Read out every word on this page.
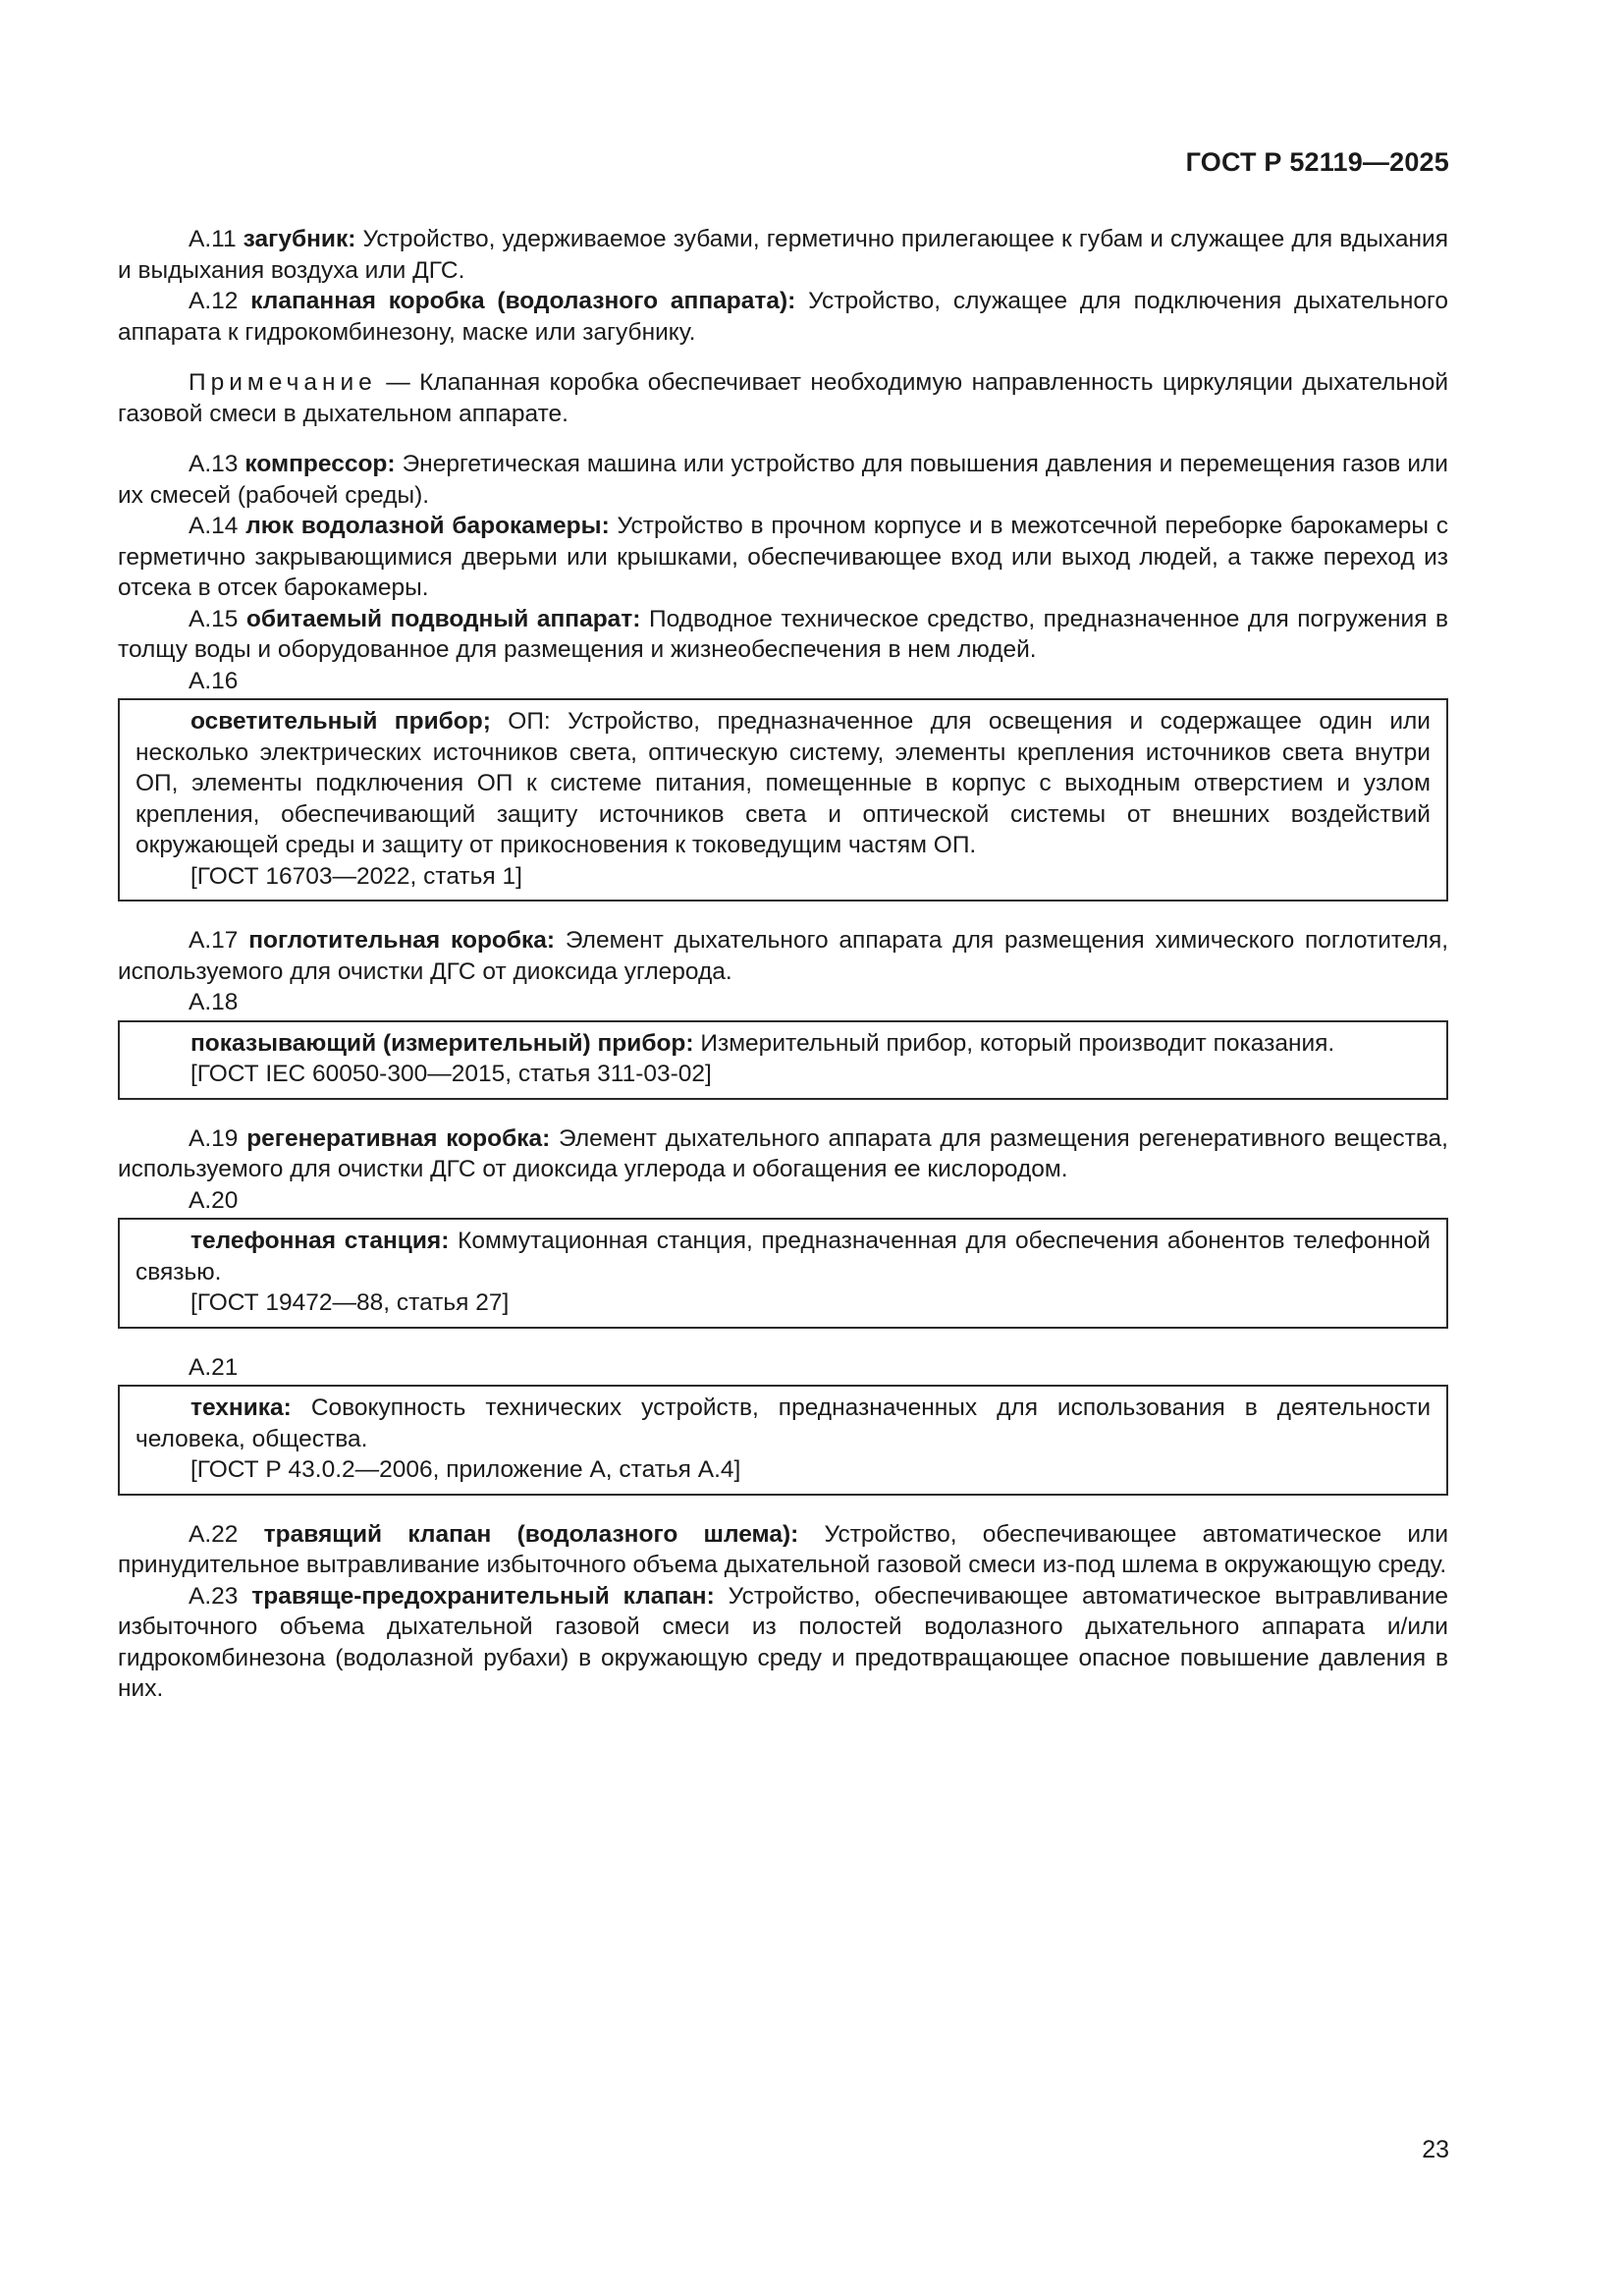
ГОСТ Р 52119—2025

А.11 загубник: Устройство, удерживаемое зубами, герметично прилегающее к губам и служащее для вдыхания и выдыхания воздуха или ДГС.

А.12 клапанная коробка (водолазного аппарата): Устройство, служащее для подключения дыхательного аппарата к гидрокомбинезону, маске или загубнику.

Примечание — Клапанная коробка обеспечивает необходимую направленность циркуляции дыхательной газовой смеси в дыхательном аппарате.

А.13 компрессор: Энергетическая машина или устройство для повышения давления и перемещения газов или их смесей (рабочей среды).

А.14 люк водолазной барокамеры: Устройство в прочном корпусе и в межотсечной переборке барокамеры с герметично закрывающимися дверьми или крышками, обеспечивающее вход или выход людей, а также переход из отсека в отсек барокамеры.

А.15 обитаемый подводный аппарат: Подводное техническое средство, предназначенное для погружения в толщу воды и оборудованное для размещения и жизнеобеспечения в нем людей.

А.16

осветительный прибор; ОП: Устройство, предназначенное для освещения и содержащее один или несколько электрических источников света, оптическую систему, элементы крепления источников света внутри ОП, элементы подключения ОП к системе питания, помещенные в корпус с выходным отверстием и узлом крепления, обеспечивающий защиту источников света и оптической системы от внешних воздействий окружающей среды и защиту от прикосновения к токоведущим частям ОП.

[ГОСТ 16703—2022, статья 1]

А.17 поглотительная коробка: Элемент дыхательного аппарата для размещения химического поглотителя, используемого для очистки ДГС от диоксида углерода.

А.18

показывающий (измерительный) прибор: Измерительный прибор, который производит показания.

[ГОСТ IEC 60050-300—2015, статья 311-03-02]

А.19 регенеративная коробка: Элемент дыхательного аппарата для размещения регенеративного вещества, используемого для очистки ДГС от диоксида углерода и обогащения ее кислородом.

А.20

телефонная станция: Коммутационная станция, предназначенная для обеспечения абонентов телефонной связью.

[ГОСТ 19472—88, статья 27]

А.21

техника: Совокупность технических устройств, предназначенных для использования в деятельности человека, общества.

[ГОСТ Р 43.0.2—2006, приложение А, статья А.4]

А.22 травящий клапан (водолазного шлема): Устройство, обеспечивающее автоматическое или принудительное вытравливание избыточного объема дыхательной газовой смеси из-под шлема в окружающую среду.

А.23 травяще-предохранительный клапан: Устройство, обеспечивающее автоматическое вытравливание избыточного объема дыхательной газовой смеси из полостей водолазного дыхательного аппарата и/или гидрокомбинезона (водолазной рубахи) в окружающую среду и предотвращающее опасное повышение давления в них.

23
